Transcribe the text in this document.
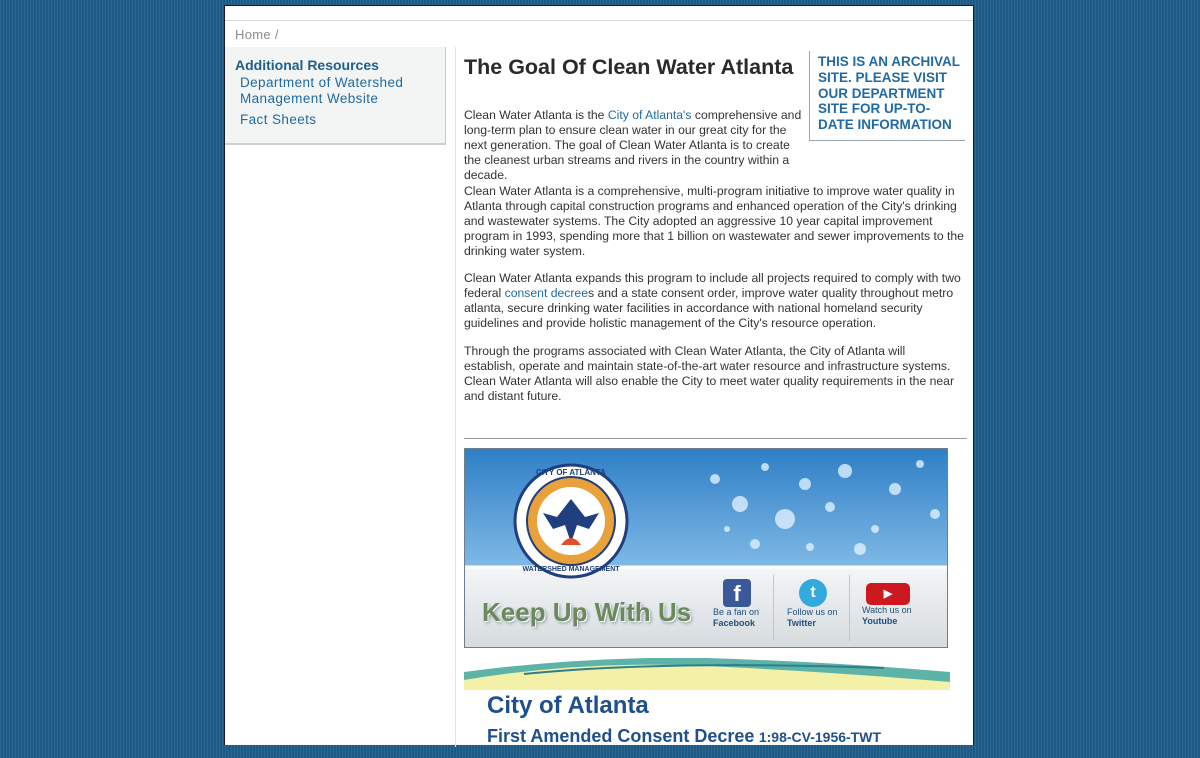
Home /
Additional Resources
Department of Watershed Management Website
Fact Sheets
The Goal Of Clean Water Atlanta	THIS IS AN ARCHIVAL SITE. PLEASE VISIT OUR DEPARTMENT SITE FOR UP-TO-DATE INFORMATION

Clean Water Atlanta is the City of Atlanta's comprehensive and long-term plan to ensure clean water in our great city for the next generation. The goal of Clean Water Atlanta is to create the cleanest urban streams and rivers in the country within a decade.

Clean Water Atlanta is a comprehensive, multi-program initiative to improve water quality in Atlanta through capital construction programs and enhanced operation of the City's drinking and wastewater systems. The City adopted an aggressive 10 year capital improvement program in 1993, spending more that 1 billion on wastewater and sewer improvements to the drinking water system.

Clean Water Atlanta expands this program to include all projects required to comply with two federal consent decrees and a state consent order, improve water quality throughout metro atlanta, secure drinking water facilities in accordance with national homeland security guidelines and provide holistic management of the City's resource operation.

Through the programs associated with Clean Water Atlanta, the City of Atlanta will establish, operate and maintain state-of-the-art water resource and infrastructure systems. Clean Water Atlanta will also enable the City to meet water quality requirements in the near and distant future.

CITY OF ATLANTA
WATERSHED MANAGEMENT
Keep Up With Us
f
Be a fan on
Facebook
t
Follow us on
Twitter
▶
Watch us on
Youtube
City of Atlanta
First Amended Consent Decree 1:98-CV-1956-TWT
